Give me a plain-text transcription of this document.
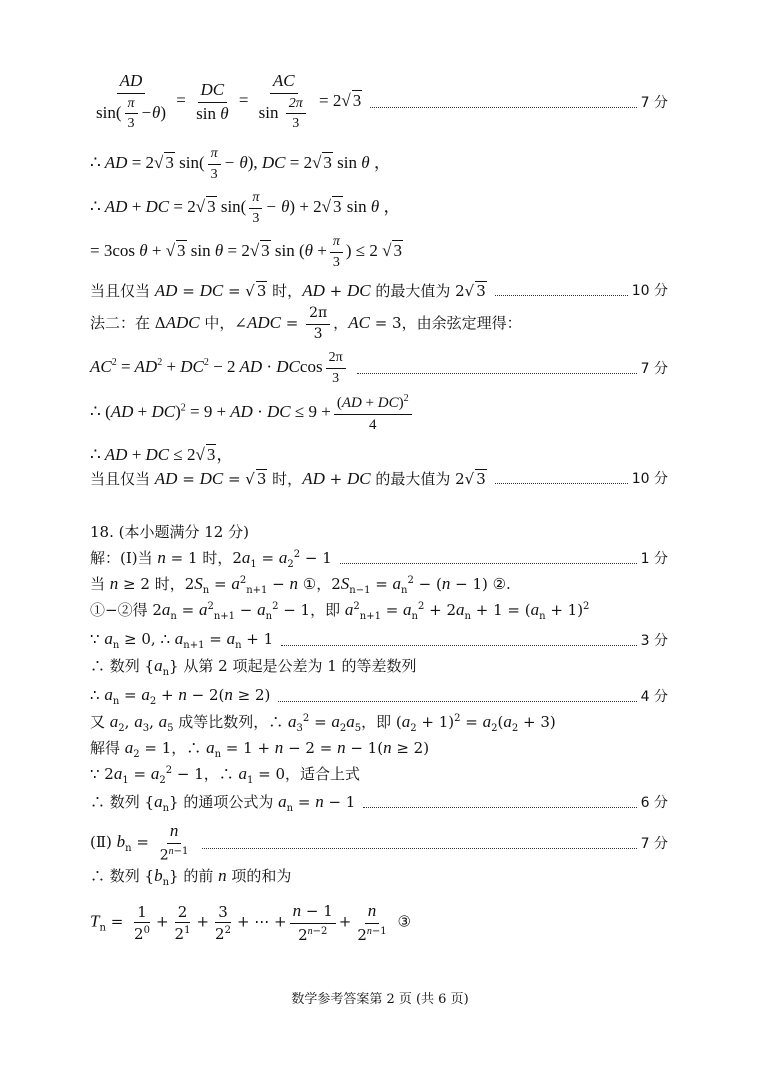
$\frac{AD}{\sin( \frac{\pi}{3} -\theta)} = \frac{DC}{\text{sin θ}} = \frac{AC}{\sin \frac{2\pi}{3}} = 2√$ 3	7 分
∴ AD = 2√ 3 $\sin( \frac{\pi}{3} - \theta)$, DC = 2√ 3 sin θ ，
∴ AD + DC = 2√ 3 $\sin( \frac{\pi}{3} - \theta) + 2√$ 3 sin θ ，
= 3cos θ + √ 3 sin θ = 2√ 3 $\sin (\theta + \frac{\pi}{3}$ ) ≤ 2 √ 3
当且仅当 AD = DC = √ 3 时，AD + DC 的最大值为 2√ 3	10 分
法二：在 ΔADC 中，∠ADC = $\frac{2\pi}{3}$ ，AC = 3，由余弦定理得：
$AC^2 = AD^2 + DC^2 - 2$ AD · DCcos $\frac{2\pi}{3}$	7 分
∴ (AD + DC)$^2$ = 9 + AD · DC ≤ $9 + \frac{(AD + DC)^2}{4}$
∴ AD + DC ≤ 2√ 3，
当且仅当 AD = DC = √ 3 时，AD + DC 的最大值为 2√ 3	10 分
18. (本小题满分 12 分)
解：(Ⅰ)当 n = 1 时，$2a_1 = a_2^2 - 1$	1 分
当 n ≥ 2 时，$2S_n = a^2_{n+1} - n$ ①，$2S_{n-1} = a_n^2 - (n - 1)$ ②.
①−②得 $2a_n = a^2_{n+1} - a_n^2 - 1$，即 $a^2_{n+1} = a_n^2 + 2a_n + 1 = (a_n + 1)^2$
∵ $a_n \ge 0$, ∴ $a_{n+1} = a_n + 1$	3 分
∴ 数列 $\{a_n\}$ 从第 2 项起是公差为 1 的等差数列
∴ $a_n = a_2 + n - 2(n \ge 2)$	4 分
又 $a_2$, $a_3$, $a_5$ 成等比数列，∴ $a_3^2 = a_2a_5$，即 $(a_2 + 1)^2 = a_2(a_2 + 3)$
解得 $a_2 = 1$，∴ $a_n = 1 + n - 2 = n - 1(n \ge 2)$
∵ $2a_1 = a_2^2 - 1$，∴ $a_1 = 0$，适合上式
∴ 数列 $\{a_n\}$ 的通项公式为 $a_n = n - 1$	6 分
(Ⅱ) $b_n = \frac{n}{2^{n-1}}$	7 分
∴ 数列 $\{b_n\}$ 的前 n 项的和为
$T_n = \frac{1}{2^0} + \frac{2}{2^1} + \frac{3}{2^2}$ + ⋯ + $\frac{n - 1}{2^{n-2}} + \frac{n}{2^{n-1}}$ ③
数学参考答案第 2 页 (共 6 页)
